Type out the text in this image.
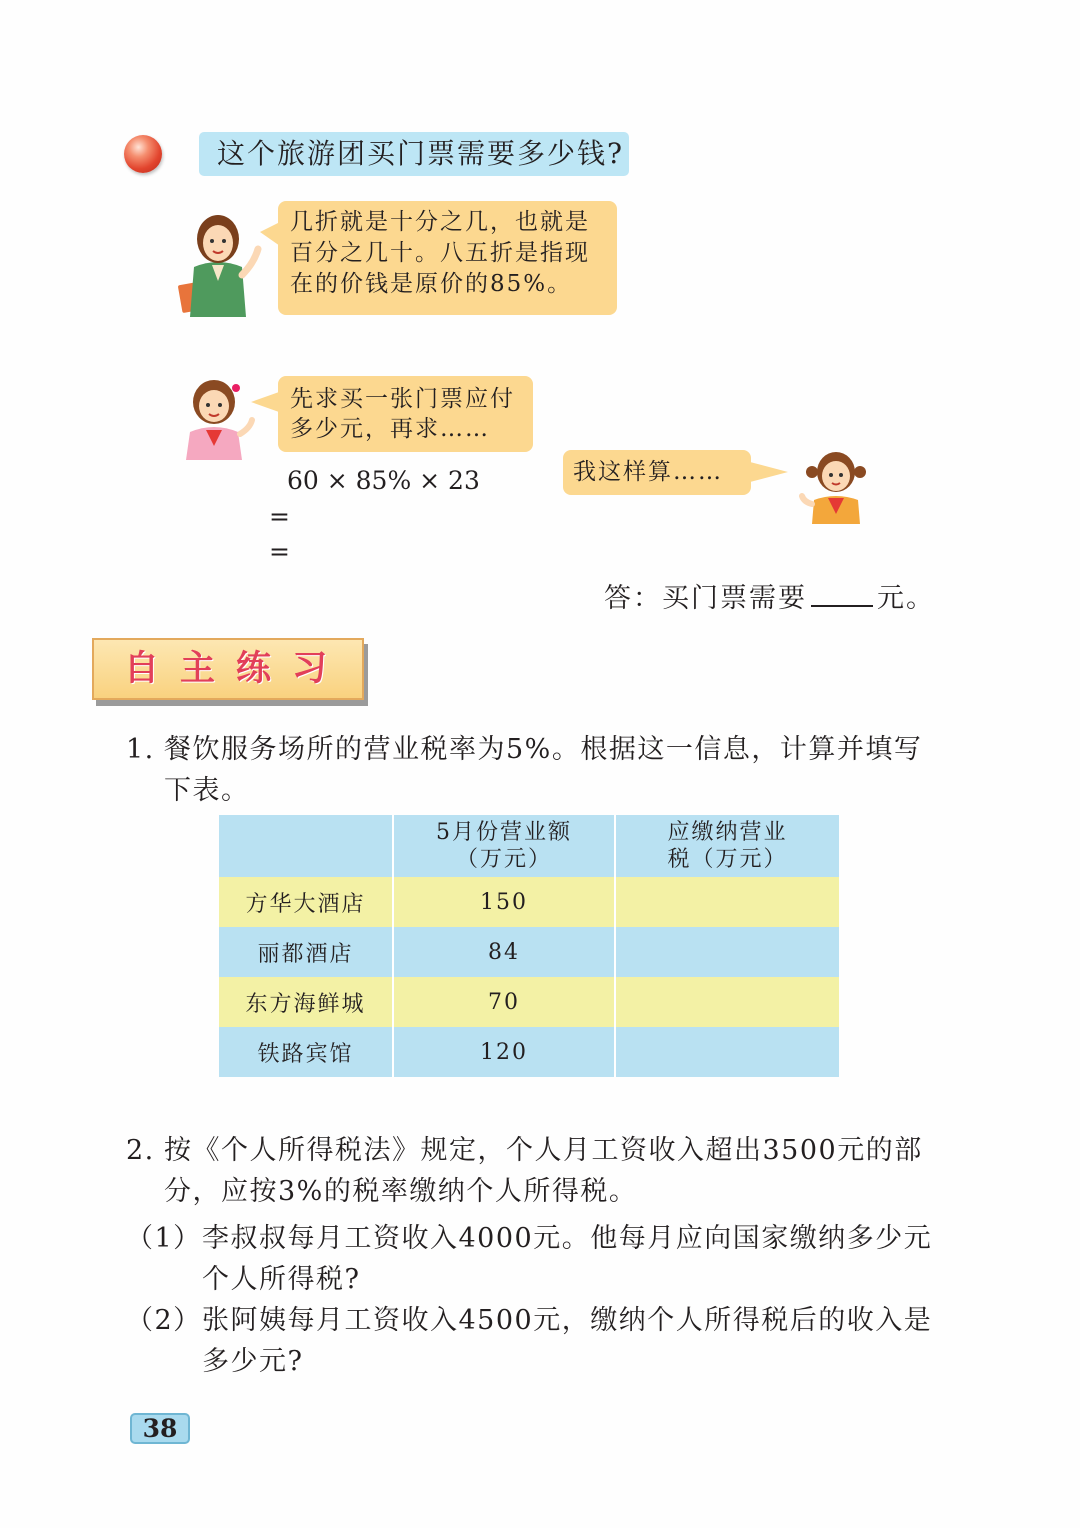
这个旅游团买门票需要多少钱?
几折就是十分之几，也就是
百分之几十。八五折是指现
在的价钱是原价的85%。
先求买一张门票应付
多少元，再求……
我这样算……
60 × 85% × 23
=
=
答：买门票需要	元。
自主练习
1. 餐饮服务场所的营业税率为5%。根据这一信息，计算并填写下表。
	5月份营业额
（万元）	应缴纳营业
税（万元）
方华大酒店	150	
丽都酒店	84	
东方海鲜城	70	
铁路宾馆	120	
2. 按《个人所得税法》规定，个人月工资收入超出3500元的部分，应按3%的税率缴纳个人所得税。
（1） 李叔叔每月工资收入4000元。他每月应向国家缴纳多少元个人所得税?
（2） 张阿姨每月工资收入4500元，缴纳个人所得税后的收入是多少元?
38
